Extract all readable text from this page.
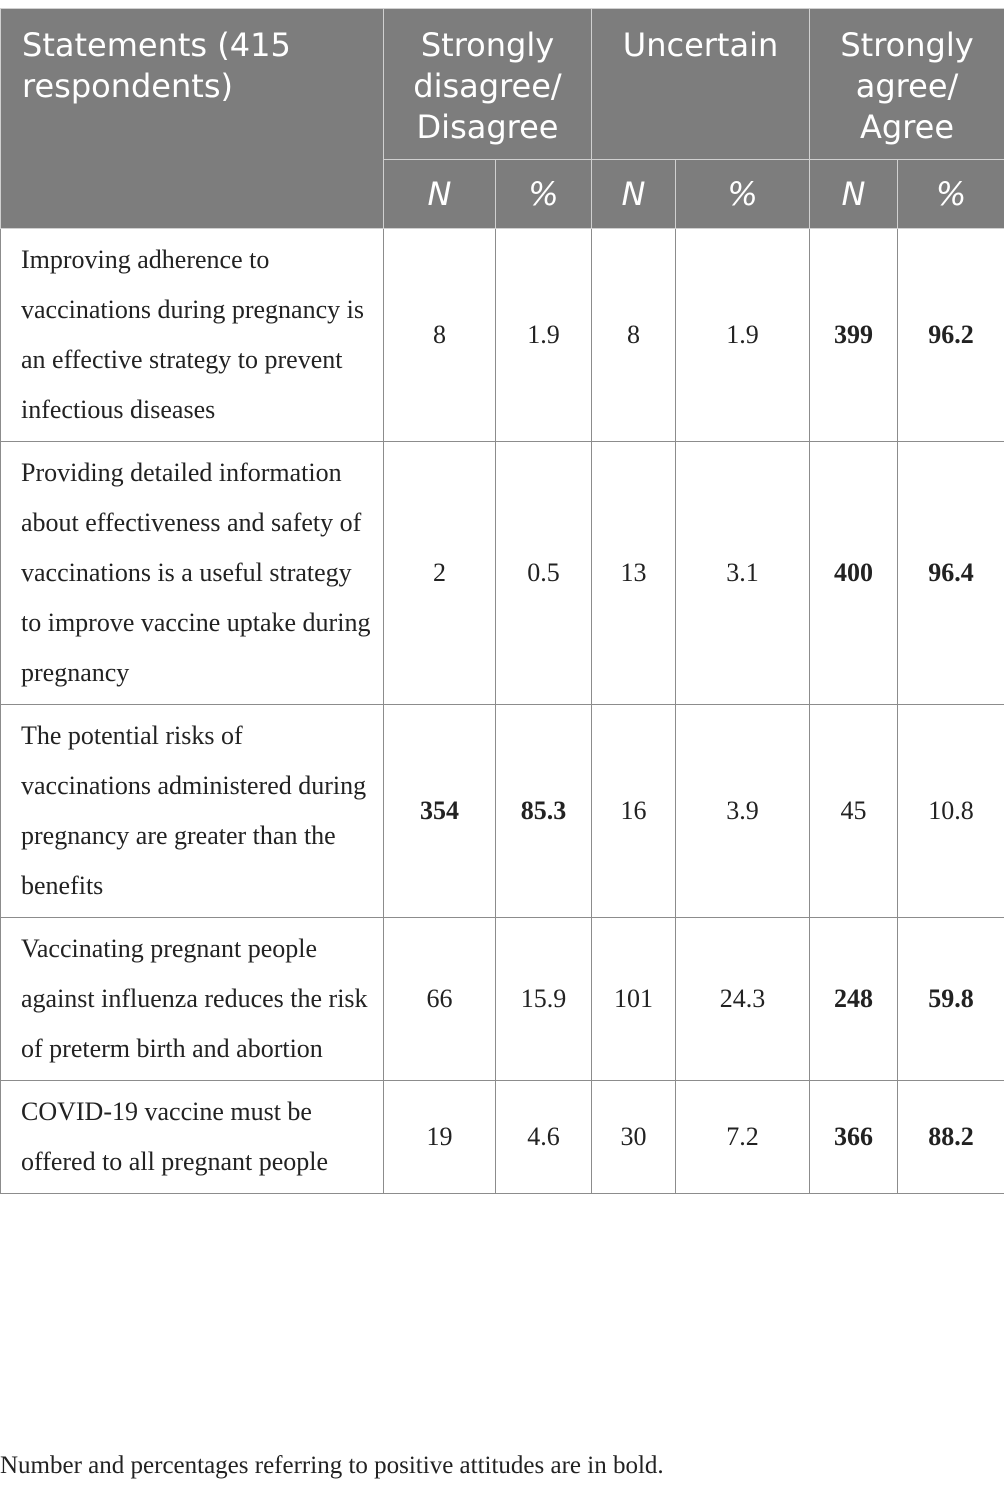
Statements (415 respondents)	Strongly disagree/ Disagree		Uncertain		Strongly agree/ Agree	
	N	%	N	%	N	%
Improving adherence to vaccinations during pregnancy is an effective strategy to prevent infectious diseases	8	1.9	8	1.9	399	96.2
Providing detailed information about effectiveness and safety of vaccinations is a useful strategy to improve vaccine uptake during pregnancy	2	0.5	13	3.1	400	96.4
The potential risks of vaccinations administered during pregnancy are greater than the benefits	354	85.3	16	3.9	45	10.8
Vaccinating pregnant people against influenza reduces the risk of preterm birth and abortion	66	15.9	101	24.3	248	59.8
COVID-19 vaccine must be offered to all pregnant people	19	4.6	30	7.2	366	88.2
Number and percentages referring to positive attitudes are in bold.
